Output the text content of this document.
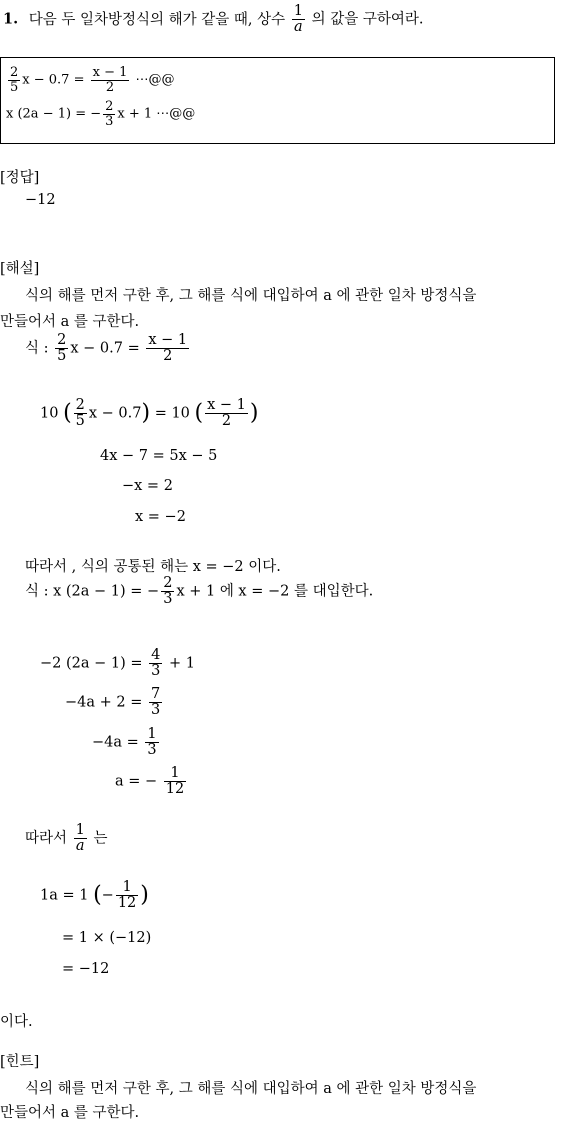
1. 다음 두 일차방정식의 해가 같을 때, 상수 $\frac{1}{a}$ 의 값을 구하여라.
$\frac{2}{5}$ $x - 0.7 = \frac{x - 1}{2}$ ⋯@@
x (2a − 1) = − $\frac{2}{3}$ x + 1 ⋯@@
[정답]
−12
[해설]
식의 해를 먼저 구한 후, 그 해를 식에 대입하여 a 에 관한 일차 방정식을
만들어서 a 를 구한다.
식 : $\frac{2}{5}$ $x - 0.7 = \frac{x - 1}{2}$
10 ( $\frac{2}{5}$ x − 0.7) = 10 ( $\frac{x - 1}{2}$ )
4x − 7 = 5x − 5
−x = 2
x = −2
따라서 , 식의 공통된 해는 x = −2 이다.
식 : x (2a − 1) = − $\frac{2}{3}$ x + 1 에 x = −2 를 대입한다.
−2 $(2a - 1) = \frac{4}{3} + 1$
$-4a + 2 = \frac{7}{3}$
$-4a = \frac{1}{3}$
a = − $\frac{1}{12}$
따라서 $\frac{1}{a}$ 는
1a = 1 (− $\frac{1}{12}$ )
= 1 × (−12)
= −12
이다.
[힌트]
식의 해를 먼저 구한 후, 그 해를 식에 대입하여 a 에 관한 일차 방정식을
만들어서 a 를 구한다.
